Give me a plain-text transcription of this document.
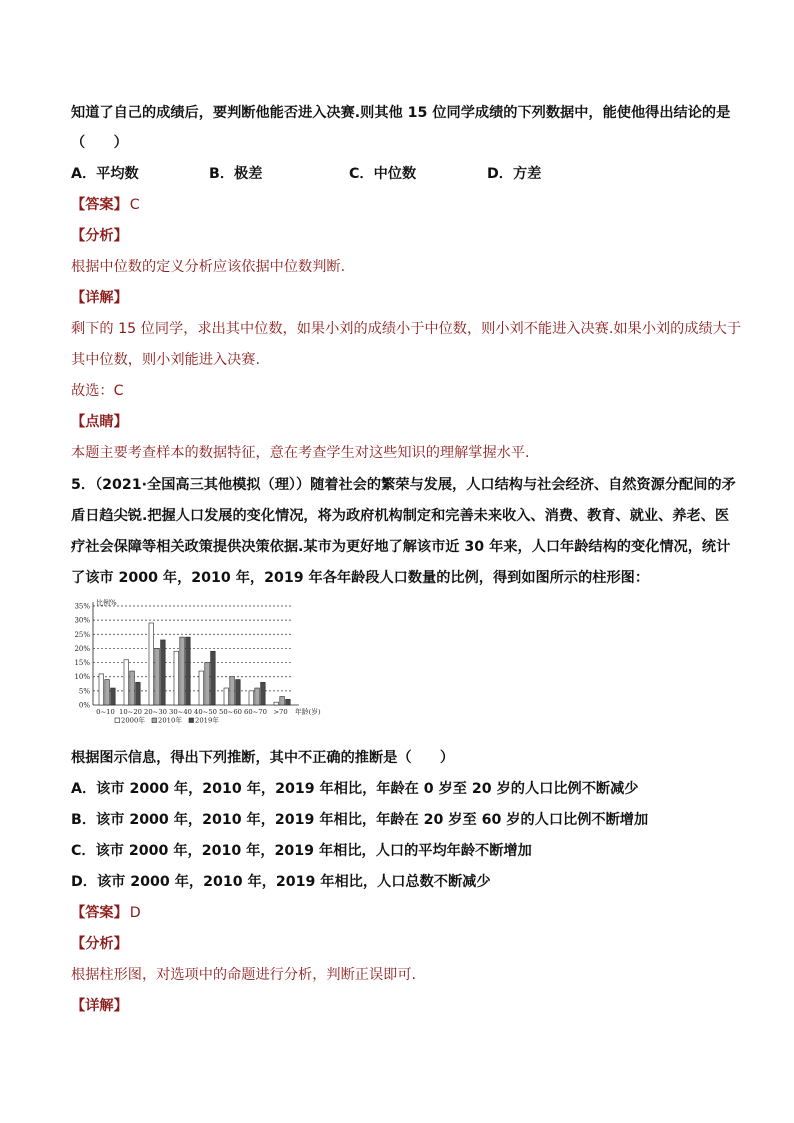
知道了自己的成绩后，要判断他能否进入决赛.则其他 15 位同学成绩的下列数据中，能使他得出结论的是
（　　）
A．平均数	B．极差	C．中位数	D．方差
【答案】 C
【分析】
根据中位数的定义分析应该依据中位数判断.
【详解】
剩下的 15 位同学，求出其中位数，如果小刘的成绩小于中位数，则小刘不能进入决赛.如果小刘的成绩大于
其中位数，则小刘能进入决赛.
故选：C
【点睛】
本题主要考查样本的数据特征，意在考查学生对这些知识的理解掌握水平.
5．（2021·全国高三其他模拟（理））随着社会的繁荣与发展，人口结构与社会经济、自然资源分配间的矛
盾日趋尖锐.把握人口发展的变化情况，将为政府机构制定和完善未来收入、消费、教育、就业、养老、医
疗社会保障等相关政策提供决策依据.某市为更好地了解该市近 30 年来，人口年龄结构的变化情况，统计
了该市 2000 年，2010 年，2019 年各年龄段人口数量的比例，得到如图所示的柱形图：
0%
5%
10%
15%
20%
25%
30%
35% 比例%
0~10 10~20 20~30 30~40 40~50 50~60 60~70 >70 年龄(岁)
2000年 2010年 2019年
根据图示信息，得出下列推断，其中不正确的推断是（　　）
A．该市 2000 年，2010 年，2019 年相比，年龄在 0 岁至 20 岁的人口比例不断减少
B．该市 2000 年，2010 年，2019 年相比，年龄在 20 岁至 60 岁的人口比例不断增加
C．该市 2000 年，2010 年，2019 年相比，人口的平均年龄不断增加
D．该市 2000 年，2010 年，2019 年相比，人口总数不断减少
【答案】 D
【分析】
根据柱形图，对选项中的命题进行分析，判断正误即可.
【详解】
